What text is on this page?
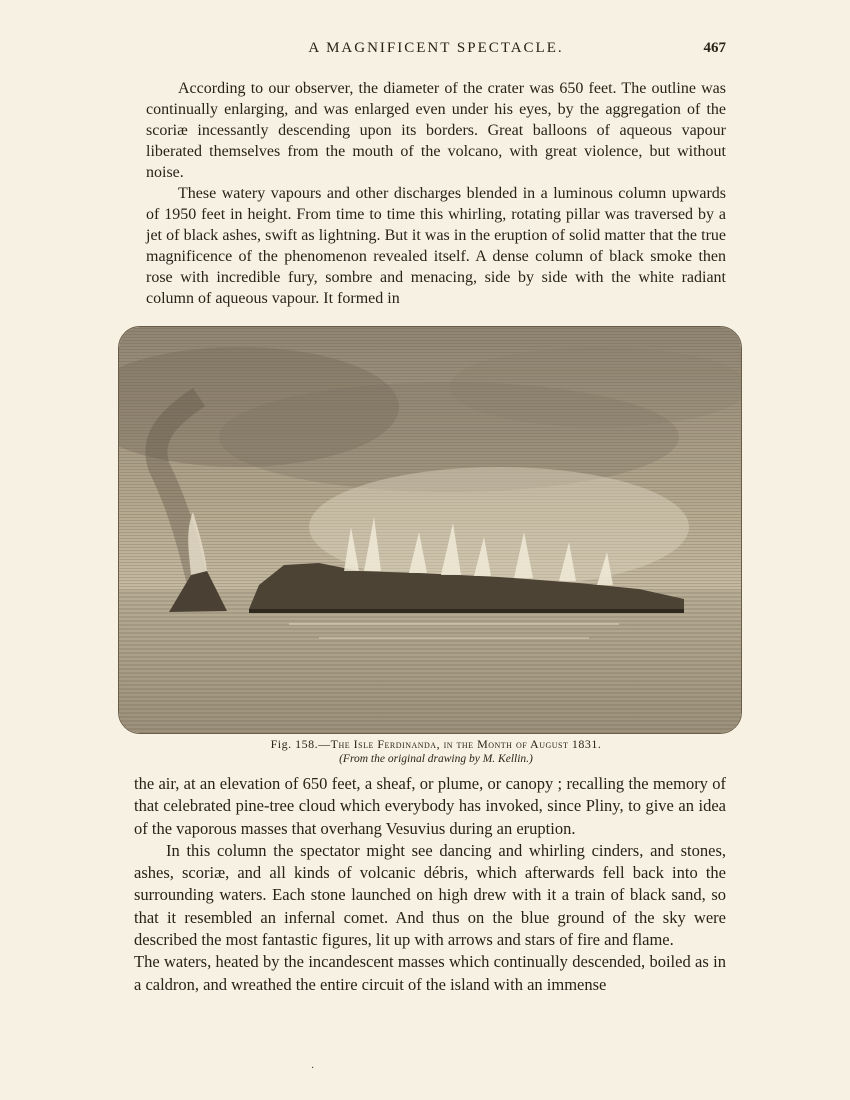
A MAGNIFICENT SPECTACLE.	467

According to our observer, the diameter of the crater was 650 feet. The outline was continually enlarging, and was enlarged even under his eyes, by the aggregation of the scoriæ incessantly descending upon its borders. Great balloons of aqueous vapour liberated themselves from the mouth of the volcano, with great violence, but without noise.

These watery vapours and other discharges blended in a luminous column upwards of 1950 feet in height. From time to time this whirling, rotating pillar was traversed by a jet of black ashes, swift as lightning. But it was in the eruption of solid matter that the true magnificence of the phenomenon revealed itself. A dense column of black smoke then rose with incredible fury, sombre and menacing, side by side with the white radiant column of aqueous vapour. It formed in

Fig. 158.—The Isle Ferdinanda, in the Month of August 1831.
(From the original drawing by M. Kellin.)

the air, at an elevation of 650 feet, a sheaf, or plume, or canopy ; recalling the memory of that celebrated pine-tree cloud which everybody has invoked, since Pliny, to give an idea of the vaporous masses that overhang Vesuvius during an eruption.

In this column the spectator might see dancing and whirling cinders, and stones, ashes, scoriæ, and all kinds of volcanic débris, which afterwards fell back into the surrounding waters. Each stone launched on high drew with it a train of black sand, so that it resembled an infernal comet. And thus on the blue ground of the sky were described the most fantastic figures, lit up with arrows and stars of fire and flame.

The waters, heated by the incandescent masses which continually descended, boiled as in a caldron, and wreathed the entire circuit of the island with an immense

·
